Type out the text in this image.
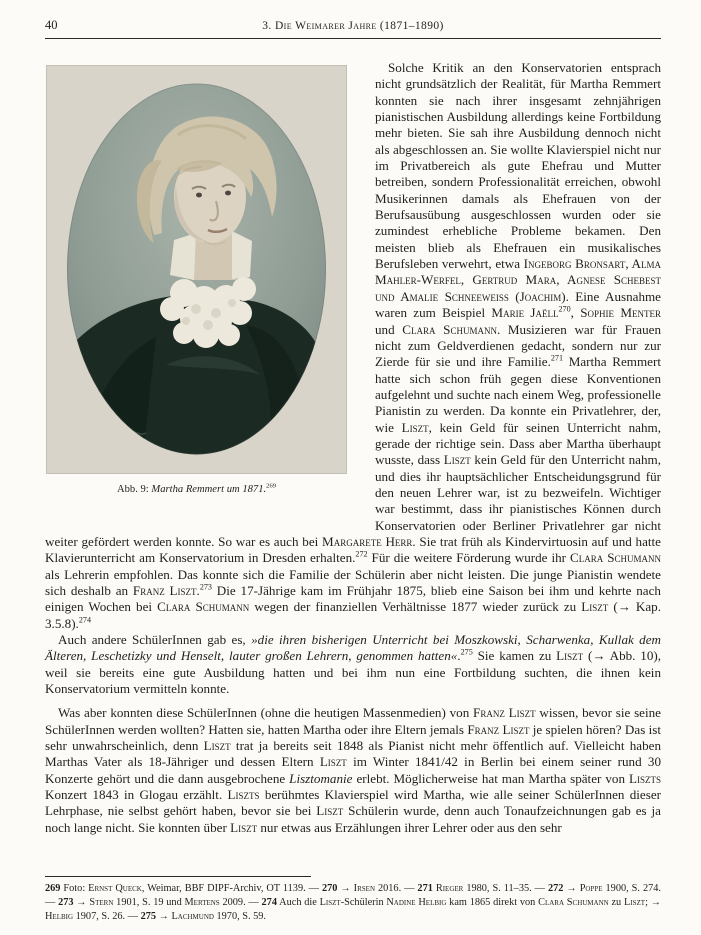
40	3. Die Weimarer Jahre (1871–1890)
Abb. 9: Martha Remmert um 1871.$^{269}$

Solche Kritik an den Konservatorien entsprach nicht grundsätzlich der Realität, für Martha Remmert konnten sie nach ihrer insgesamt zehnjährigen pianistischen Ausbildung allerdings keine Fortbildung mehr bieten. Sie sah ihre Ausbildung dennoch nicht als abgeschlossen an. Sie wollte Klavierspiel nicht nur im Privatbereich als gute Ehefrau und Mutter betreiben, sondern Professionalität erreichen, obwohl Musikerinnen damals als Ehefrauen von der Berufsausübung ausgeschlossen wurden oder sie zumindest erhebliche Probleme bekamen. Den meisten blieb als Ehefrauen ein musikalisches Berufsleben verwehrt, etwa Ingeborg Bronsart, Alma Mahler-Werfel, Gertrud Mara, Agnese Schebest und Amalie Schneeweiss (Joachim). Eine Ausnahme waren zum Beispiel Marie Jaëll$^{270}$, Sophie Menter und Clara Schumann. Musizieren war für Frauen nicht zum Geldverdienen gedacht, sondern nur zur Zierde für sie und ihre Familie.$^{271}$ Martha Remmert hatte sich schon früh gegen diese Konventionen aufgelehnt und suchte nach einem Weg, professionelle Pianistin zu werden. Da konnte ein Privatlehrer, der, wie Liszt, kein Geld für seinen Unterricht nahm, gerade der richtige sein. Dass aber Martha überhaupt wusste, dass Liszt kein Geld für den Unterricht nahm, und dies ihr hauptsächlicher Entscheidungsgrund für den neuen Lehrer war, ist zu bezweifeln. Wichtiger war bestimmt, dass ihr pianistisches Können durch Konservatorien oder Berliner Privatlehrer gar nicht weiter gefördert werden konnte. So war es auch bei Margarete Herr. Sie trat früh als Kindervirtuosin auf und hatte Klavierunterricht am Konservatorium in Dresden erhalten.$^{272}$ Für die weitere Förderung wurde ihr Clara Schumann als Lehrerin empfohlen. Das konnte sich die Familie der Schülerin aber nicht leisten. Die junge Pianistin wendete sich deshalb an Franz Liszt.$^{273}$ Die 17-Jährige kam im Frühjahr 1875, blieb eine Saison bei ihm und kehrte nach einigen Wochen bei Clara Schumann wegen der finanziellen Verhältnisse 1877 wieder zurück zu Liszt (→ Kap. 3.5.8).$^{274}$

Auch andere SchülerInnen gab es, »die ihren bisherigen Unterricht bei Moszkowski, Scharwenka, Kullak dem Älteren, Leschetizky und Henselt, lauter großen Lehrern, genommen hatten«.$^{275}$ Sie kamen zu Liszt (→ Abb. 10), weil sie bereits eine gute Ausbildung hatten und bei ihm nun eine Fortbildung suchten, die ihnen kein Konservatorium vermitteln konnte.

Was aber konnten diese SchülerInnen (ohne die heutigen Massenmedien) von Franz Liszt wissen, bevor sie seine SchülerInnen werden wollten? Hatten sie, hatten Martha oder ihre Eltern jemals Franz Liszt je spielen hören? Das ist sehr unwahrscheinlich, denn Liszt trat ja bereits seit 1848 als Pianist nicht mehr öffentlich auf. Vielleicht haben Marthas Vater als 18-Jähriger und dessen Eltern Liszt im Winter 1841/42 in Berlin bei einem seiner rund 30 Konzerte gehört und die dann ausgebrochene Lisztomanie erlebt. Möglicherweise hat man Martha später von Liszts Konzert 1843 in Glogau erzählt. Liszts berühmtes Klavierspiel wird Martha, wie alle seiner SchülerInnen dieser Lehrphase, nie selbst gehört haben, bevor sie bei Liszt Schülerin wurde, denn auch Tonaufzeichnungen gab es ja noch lange nicht. Sie konnten über Liszt nur etwas aus Erzählungen ihrer Lehrer oder aus den sehr

269 Foto: Ernst Queck, Weimar, BBF DIPF-Archiv, OT 1139. — 270 → Irsen 2016. — 271 Rieger 1980, S. 11–35. — 272 → Poppe 1900, S. 274. — 273 → Stern 1901, S. 19 und Mertens 2009. — 274 Auch die Liszt-Schülerin Nadine Helbig kam 1865 direkt von Clara Schumann zu Liszt; → Helbig 1907, S. 26. — 275 → Lachmund 1970, S. 59.
